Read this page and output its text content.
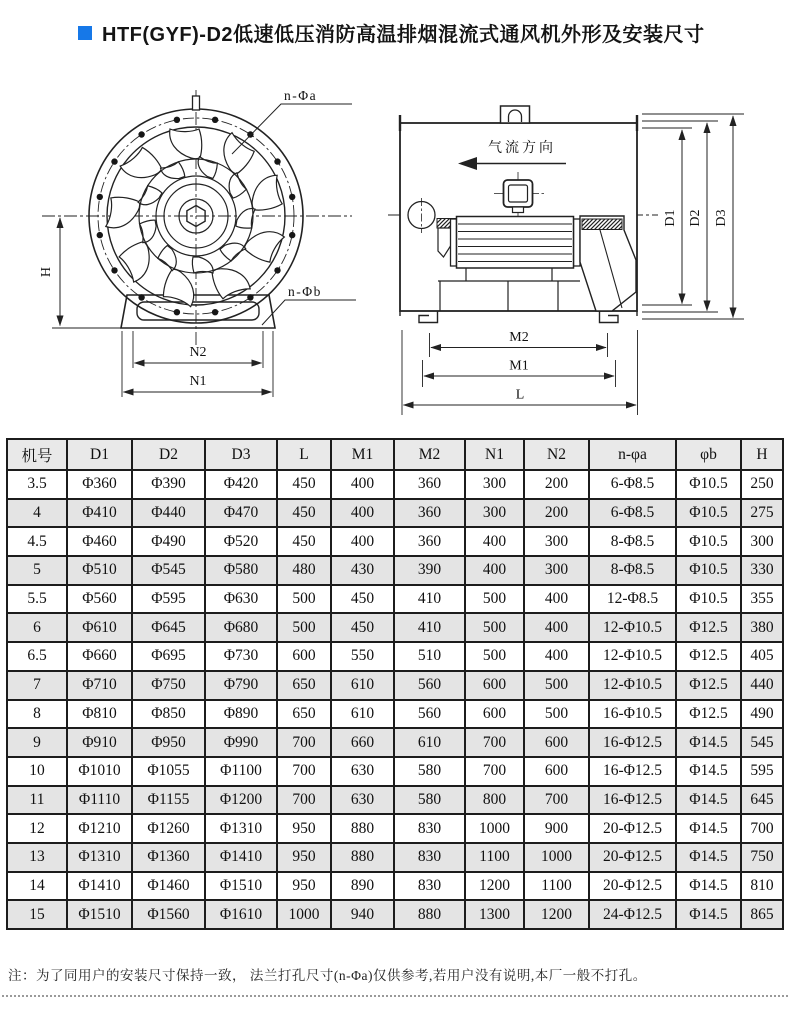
HTF(GYF)-D2低速低压消防高温排烟混流式通风机外形及安装尺寸
H
N2
N1
n-Φa
n-Φb
气流方向
D1 D2 D3
M2
M1
L
机号	D1	D2	D3	L	M1	M2	N1	N2	n-φa	φb	H
3.5	Φ360	Φ390	Φ420	450	400	360	300	200	6-Φ8.5	Φ10.5	250
4	Φ410	Φ440	Φ470	450	400	360	300	200	6-Φ8.5	Φ10.5	275
4.5	Φ460	Φ490	Φ520	450	400	360	400	300	8-Φ8.5	Φ10.5	300
5	Φ510	Φ545	Φ580	480	430	390	400	300	8-Φ8.5	Φ10.5	330
5.5	Φ560	Φ595	Φ630	500	450	410	500	400	12-Φ8.5	Φ10.5	355
6	Φ610	Φ645	Φ680	500	450	410	500	400	12-Φ10.5	Φ12.5	380
6.5	Φ660	Φ695	Φ730	600	550	510	500	400	12-Φ10.5	Φ12.5	405
7	Φ710	Φ750	Φ790	650	610	560	600	500	12-Φ10.5	Φ12.5	440
8	Φ810	Φ850	Φ890	650	610	560	600	500	16-Φ10.5	Φ12.5	490
9	Φ910	Φ950	Φ990	700	660	610	700	600	16-Φ12.5	Φ14.5	545
10	Φ1010	Φ1055	Φ1100	700	630	580	700	600	16-Φ12.5	Φ14.5	595
11	Φ1110	Φ1155	Φ1200	700	630	580	800	700	16-Φ12.5	Φ14.5	645
12	Φ1210	Φ1260	Φ1310	950	880	830	1000	900	20-Φ12.5	Φ14.5	700
13	Φ1310	Φ1360	Φ1410	950	880	830	1100	1000	20-Φ12.5	Φ14.5	750
14	Φ1410	Φ1460	Φ1510	950	890	830	1200	1100	20-Φ12.5	Φ14.5	810
15	Φ1510	Φ1560	Φ1610	1000	940	880	1300	1200	24-Φ12.5	Φ14.5	865

注：为了同用户的安装尺寸保持一致， 法兰打孔尺寸(n-Φa)仅供参考,若用户没有说明,本厂一般不打孔。
